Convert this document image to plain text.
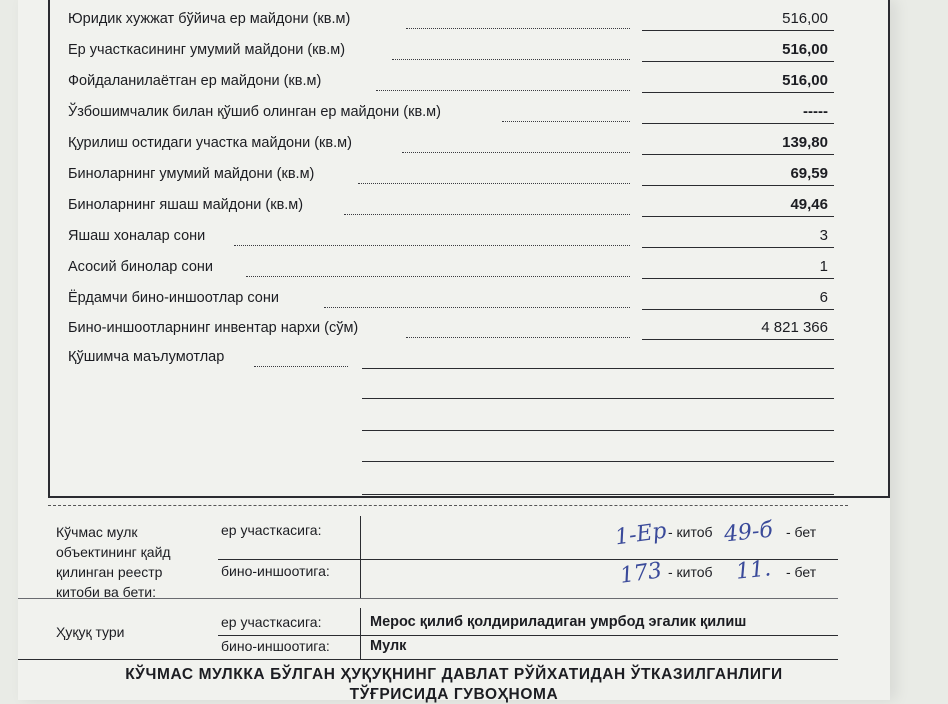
Юридик хужжат бўйича ер майдони (кв.м)	516,00
Ер участкасининг умумий майдони (кв.м)	516,00
Фойдаланилаётган ер майдони (кв.м)	516,00
Ўзбошимчалик билан қўшиб олинган ер майдони (кв.м)	-----
Қурилиш остидаги участка майдони (кв.м)	139,80
Биноларнинг умумий майдони (кв.м)	69,59
Биноларнинг яшаш майдони (кв.м)	49,46
Яшаш хоналар сони	3
Асосий бинолар сони	1
Ёрдамчи бино-иншоотлар сони	6
Бино-иншоотларнинг инвентар нархи (сўм)	4 821 366
Қўшимча маълумотлар
Кўчмас мулк
объектининг қайд
қилинган реестр
китоби ва бети:
ер участкасига:	1-Ер - китоб 49-б - бет
бино-иншоотига:	173 - китоб 11. - бет
Ҳуқуқ тури
ер участкасига:	Мерос қилиб қолдириладиган умрбод эгалик қилиш
бино-иншоотига:	Мулк
КЎЧМАС МУЛККА БЎЛГАН ҲУҚУҚНИНГ ДАВЛАТ РЎЙХАТИДАН ЎТКАЗИЛГАНЛИГИ
ТЎҒРИСИДА ГУВОҲНОМА
